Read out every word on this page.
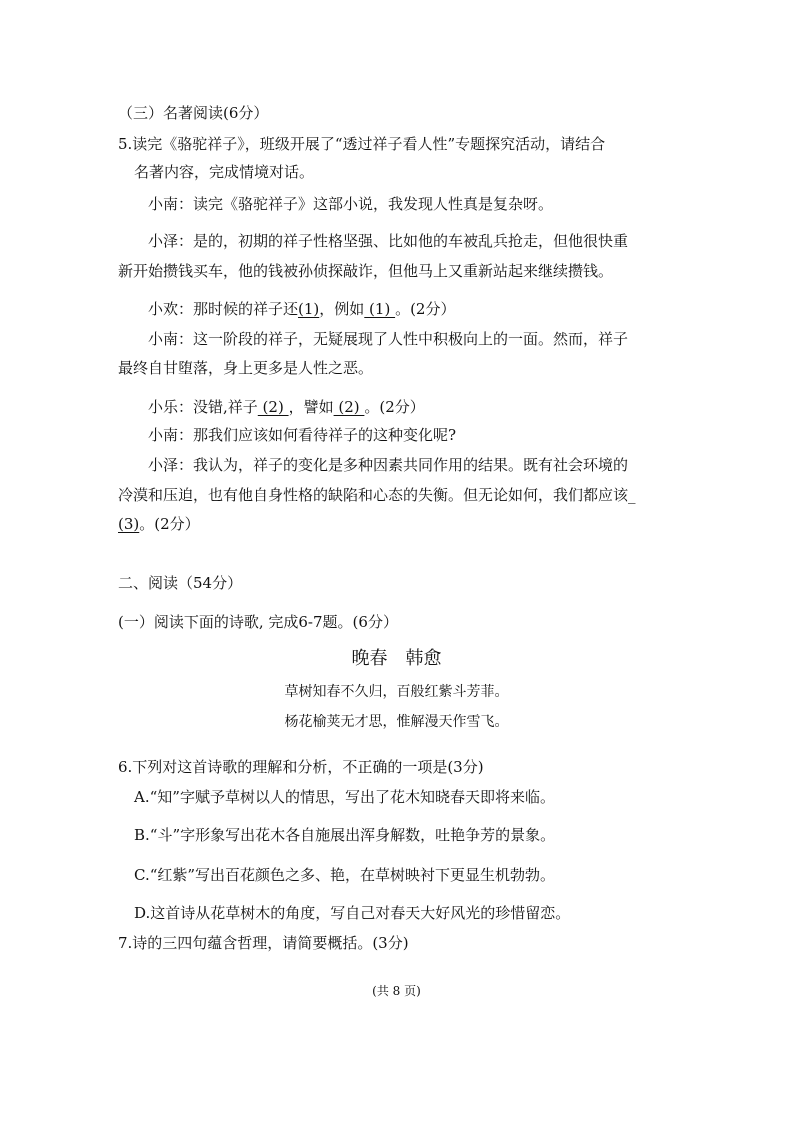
（三）名著阅读(6分）
5.读完《骆驼祥子》，班级开展了“透过祥子看人性”专题探究活动，请结合
名著内容，完成情境对话。
小南：读完《骆驼祥子》这部小说，我发现人性真是复杂呀。
小泽：是的，初期的祥子性格坚强、比如他的车被乱兵抢走，但他很快重
新开始攒钱买车，他的钱被孙侦探敲诈，但他马上又重新站起来继续攒钱。
小欢：那时候的祥子还(1)，例如 (1) 。(2分）
小南：这一阶段的祥子，无疑展现了人性中积极向上的一面。然而，祥子
最终自甘堕落，身上更多是人性之恶。
小乐：没错,祥子 (2) ，譬如 (2) 。(2分）
小南：那我们应该如何看待祥子的这种变化呢?
小泽：我认为，祥子的变化是多种因素共同作用的结果。既有社会环境的
冷漠和压迫，也有他自身性格的缺陷和心态的失衡。但无论如何，我们都应该_
(3)。(2分）
二、阅读（54分）
(一）阅读下面的诗歌, 完成6-7题。(6分）
晚春 韩愈
草树知春不久归，百般红紫斗芳菲。
杨花榆荚无才思，惟解漫天作雪飞。
6.下列对这首诗歌的理解和分析，不正确的一项是(3分)
A.“知”字赋予草树以人的情思，写出了花木知晓春天即将来临。
B.“斗”字形象写出花木各自施展出浑身解数，吐艳争芳的景象。
C.“红紫”写出百花颜色之多、艳，在草树映衬下更显生机勃勃。
D.这首诗从花草树木的角度，写自己对春天大好风光的珍惜留恋。
7.诗的三四句蕴含哲理，请简要概括。(3分)
(共 8 页)
